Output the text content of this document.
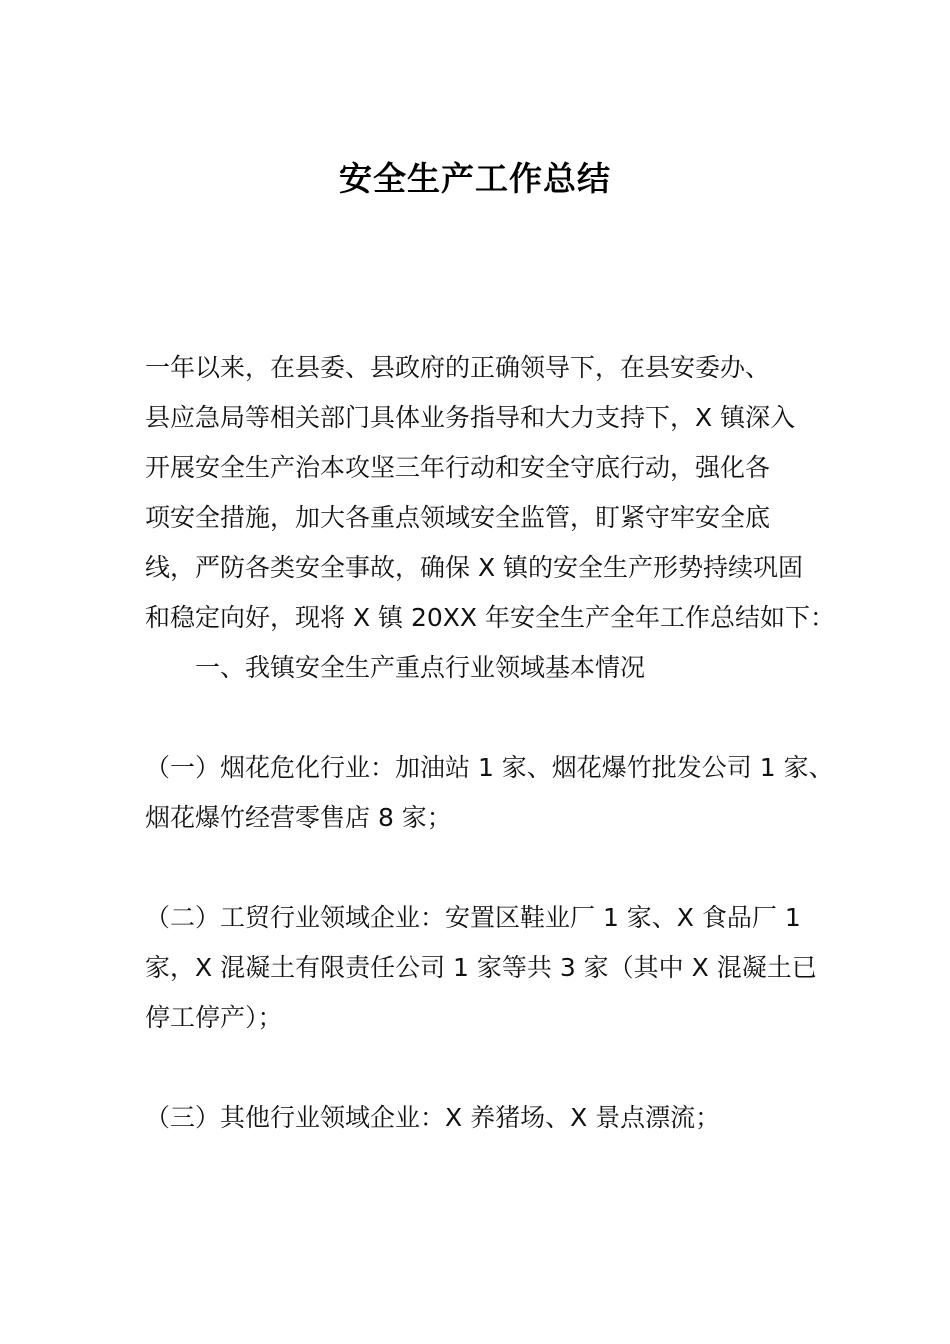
安全生产工作总结
一年以来，在县委、县政府的正确领导下，在县安委办、
县应急局等相关部门具体业务指导和大力支持下，X 镇深入
开展安全生产治本攻坚三年行动和安全守底行动，强化各
项安全措施，加大各重点领域安全监管，盯紧守牢安全底
线，严防各类安全事故，确保 X 镇的安全生产形势持续巩固
和稳定向好，现将 X 镇 20XX 年安全生产全年工作总结如下：
一、我镇安全生产重点行业领域基本情况
（一）烟花危化行业：加油站 1 家、烟花爆竹批发公司 1 家、
烟花爆竹经营零售店 8 家；
（二）工贸行业领域企业：安置区鞋业厂 1 家、X 食品厂 1
家，X 混凝土有限责任公司 1 家等共 3 家（其中 X 混凝土已
停工停产）；
（三）其他行业领域企业：X 养猪场、X 景点漂流；
